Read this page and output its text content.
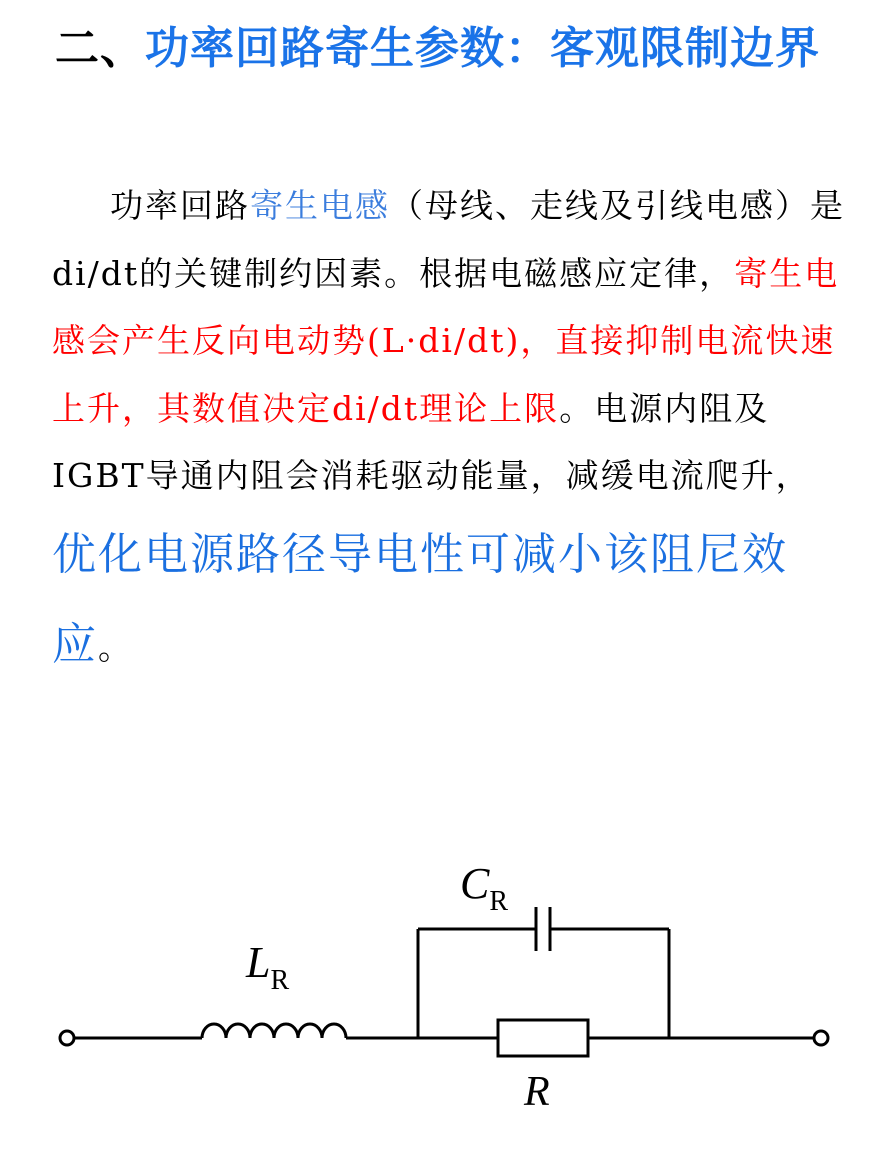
二、功率回路寄生参数：客观限制边界

功率回路寄生电感（母线、走线及引线电感）是di/dt的关键制约因素。根据电磁感应定律，寄生电感会产生反向电动势(L·di/dt)，直接抑制电流快速上升，其数值决定di/dt理论上限。电源内阻及IGBT导通内阻会消耗驱动能量，减缓电流爬升，优化电源路径导电性可减小该阻尼效应。

$L_R$
$C_R$
R
